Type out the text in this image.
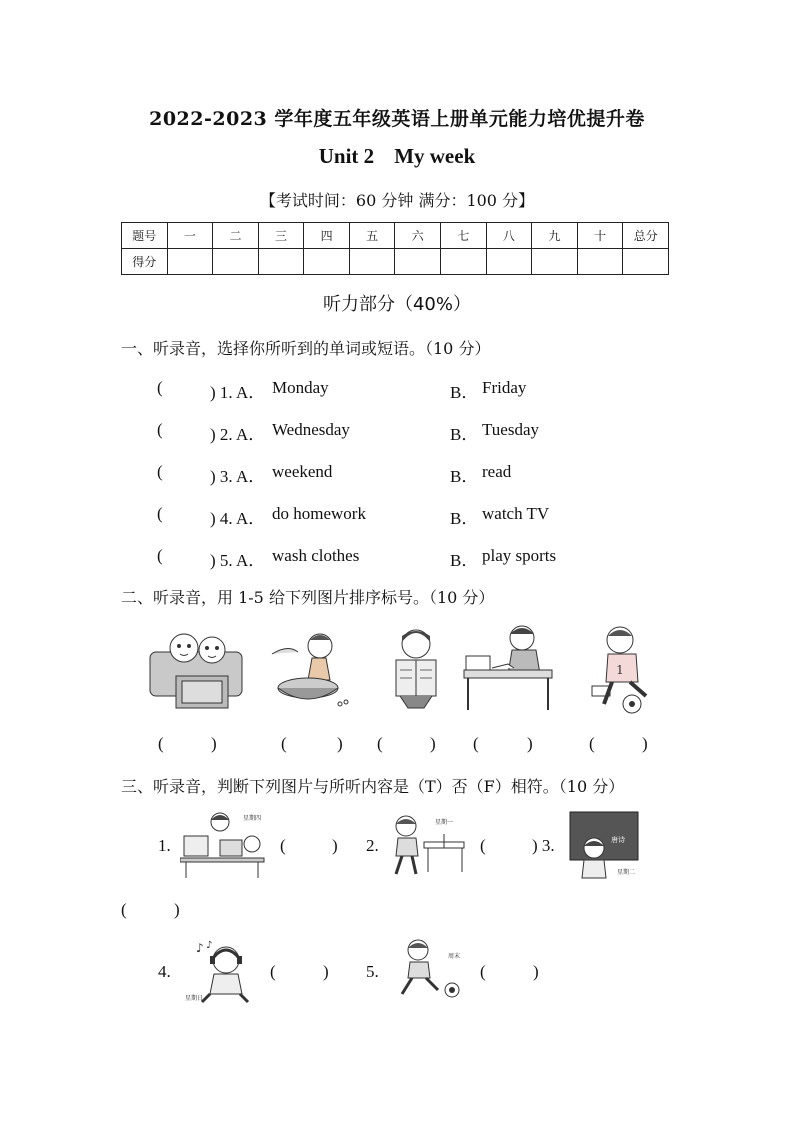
2022-2023 学年度五年级英语上册单元能力培优提升卷
Unit 2 My week
【考试时间：60 分钟 满分：100 分】
题号	一	二	三	四	五	六	七	八	九	十	总分
得分											
听力部分（40%）
一、听录音，选择你所听到的单词或短语。（10 分）
(	) 1. A． Monday	B． Friday
(	) 2. A． Wednesday	B． Tuesday
(	) 3. A． weekend	B． read
(	) 4. A． do homework	B． watch TV
(	) 5. A． wash clothes	B． play sports
二、听录音，用 1-5 给下列图片排序标号。（10 分）
1
(	)	(	) (	) (	)	(	)
三、听录音，判断下列图片与所听内容是（T）否（F）相符。（10 分）
1.
星期四
(	) 2.
星期一
(	) 3.	唐诗
星期二
(	)
4.
♪ ♪
星期日
(	) 5.
周末
(	)
